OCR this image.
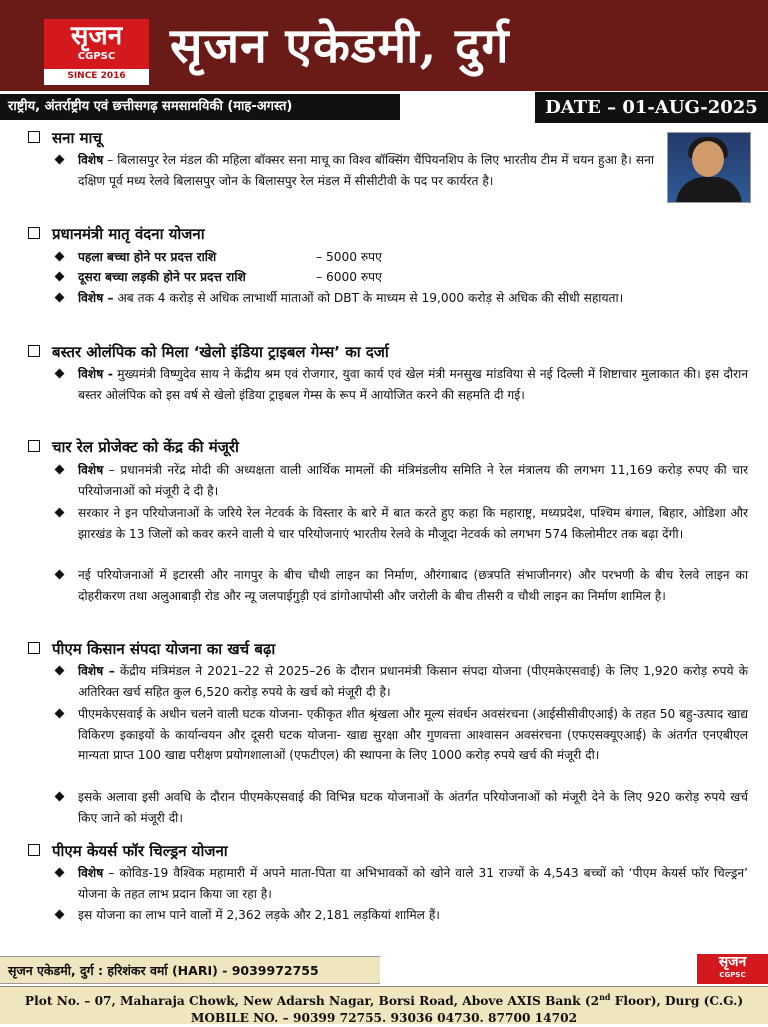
सृजन
CGPSC
SINCE 2016
सृजन एकेडमी, दुर्ग
राष्ट्रीय, अंतर्राष्ट्रीय एवं छत्तीसगढ़ समसामयिकी (माह-अगस्त)	DATE – 01-AUG-2025
सना माचू
विशेष – बिलासपुर रेल मंडल की महिला बॉक्सर सना माचू का विश्व बॉक्सिंग चैंपियनशिप के लिए भारतीय टीम में चयन हुआ है। सना दक्षिण पूर्व मध्य रेलवे बिलासपुर जोन के बिलासपुर रेल मंडल में सीसीटीवी के पद पर कार्यरत है।
प्रधानमंत्री मातृ वंदना योजना
पहला बच्चा होने पर प्रदत्त राशि	– 5000 रुपए
दूसरा बच्चा लड़की होने पर प्रदत्त राशि	– 6000 रुपए
विशेष – अब तक 4 करोड़ से अधिक लाभार्थी माताओं को DBT के माध्यम से 19,000 करोड़ से अधिक की सीधी सहायता।
बस्तर ओलंपिक को मिला ‘खेलो इंडिया ट्राइबल गेम्स’ का दर्जा
विशेष - मुख्यमंत्री विष्णुदेव साय ने केंद्रीय श्रम एवं रोजगार, युवा कार्य एवं खेल मंत्री मनसुख मांडविया से नई दिल्ली में शिष्टाचार मुलाकात की। इस दौरान बस्तर ओलंपिक को इस वर्ष से खेलो इंडिया ट्राइबल गेम्स के रूप में आयोजित करने की सहमति दी गई।
चार रेल प्रोजेक्ट को केंद्र की मंजूरी
विशेष – प्रधानमंत्री नरेंद्र मोदी की अध्यक्षता वाली आर्थिक मामलों की मंत्रिमंडलीय समिति ने रेल मंत्रालय की लगभग 11,169 करोड़ रुपए की चार परियोजनाओं को मंजूरी दे दी है।
सरकार ने इन परियोजनाओं के जरिये रेल नेटवर्क के विस्तार के बारे में बात करते हुए कहा कि महाराष्ट्र, मध्यप्रदेश, पश्चिम बंगाल, बिहार, ओडिशा और झारखंड के 13 जिलों को कवर करने वाली ये चार परियोजनाएं भारतीय रेलवे के मौजूदा नेटवर्क को लगभग 574 किलोमीटर तक बढ़ा देंगी।
नई परियोजनाओं में इटारसी और नागपुर के बीच चौथी लाइन का निर्माण, औरंगाबाद (छत्रपति संभाजीनगर) और परभणी के बीच रेलवे लाइन का दोहरीकरण तथा अलुआबाड़ी रोड और न्यू जलपाईगुड़ी एवं डांगोआपोसी और जरोली के बीच तीसरी व चौथी लाइन का निर्माण शामिल है।
पीएम किसान संपदा योजना का खर्च बढ़ा
विशेष – केंद्रीय मंत्रिमंडल ने 2021–22 से 2025–26 के दौरान प्रधानमंत्री किसान संपदा योजना (पीएमकेएसवाई) के लिए 1,920 करोड़ रुपये के अतिरिक्त खर्च सहित कुल 6,520 करोड़ रुपये के खर्च को मंजूरी दी है।
पीएमकेएसवाई के अधीन चलने वाली घटक योजना- एकीकृत शीत श्रृंखला और मूल्य संवर्धन अवसंरचना (आईसीसीवीएआई) के तहत 50 बहु-उत्पाद खाद्य विकिरण इकाइयों के कार्यान्वयन और दूसरी घटक योजना- खाद्य सुरक्षा और गुणवत्ता आश्वासन अवसंरचना (एफएसक्यूएआई) के अंतर्गत एनएबीएल मान्यता प्राप्त 100 खाद्य परीक्षण प्रयोगशालाओं (एफटीएल) की स्थापना के लिए 1000 करोड़ रुपये खर्च की मंजूरी दी।
इसके अलावा इसी अवधि के दौरान पीएमकेएसवाई की विभिन्न घटक योजनाओं के अंतर्गत परियोजनाओं को मंजूरी देने के लिए 920 करोड़ रुपये खर्च किए जाने को मंजूरी दी।
पीएम केयर्स फॉर चिल्ड्रन योजना
विशेष – कोविड-19 वैश्विक महामारी में अपने माता-पिता या अभिभावकों को खोने वाले 31 राज्यों के 4,543 बच्चों को ‘पीएम केयर्स फॉर चिल्ड्रन’ योजना के तहत लाभ प्रदान किया जा रहा है।
इस योजना का लाभ पाने वालों में 2,362 लड़के और 2,181 लड़कियां शामिल हैं।
सृजन एकेडमी, दुर्ग : हरिशंकर वर्मा (HARI) - 9039972755
सृजन
CGPSC
Plot No. – 07, Maharaja Chowk, New Adarsh Nagar, Borsi Road, Above AXIS Bank (2nd Floor), Durg (C.G.)
MOBILE NO. – 90399 72755. 93036 04730. 87700 14702
